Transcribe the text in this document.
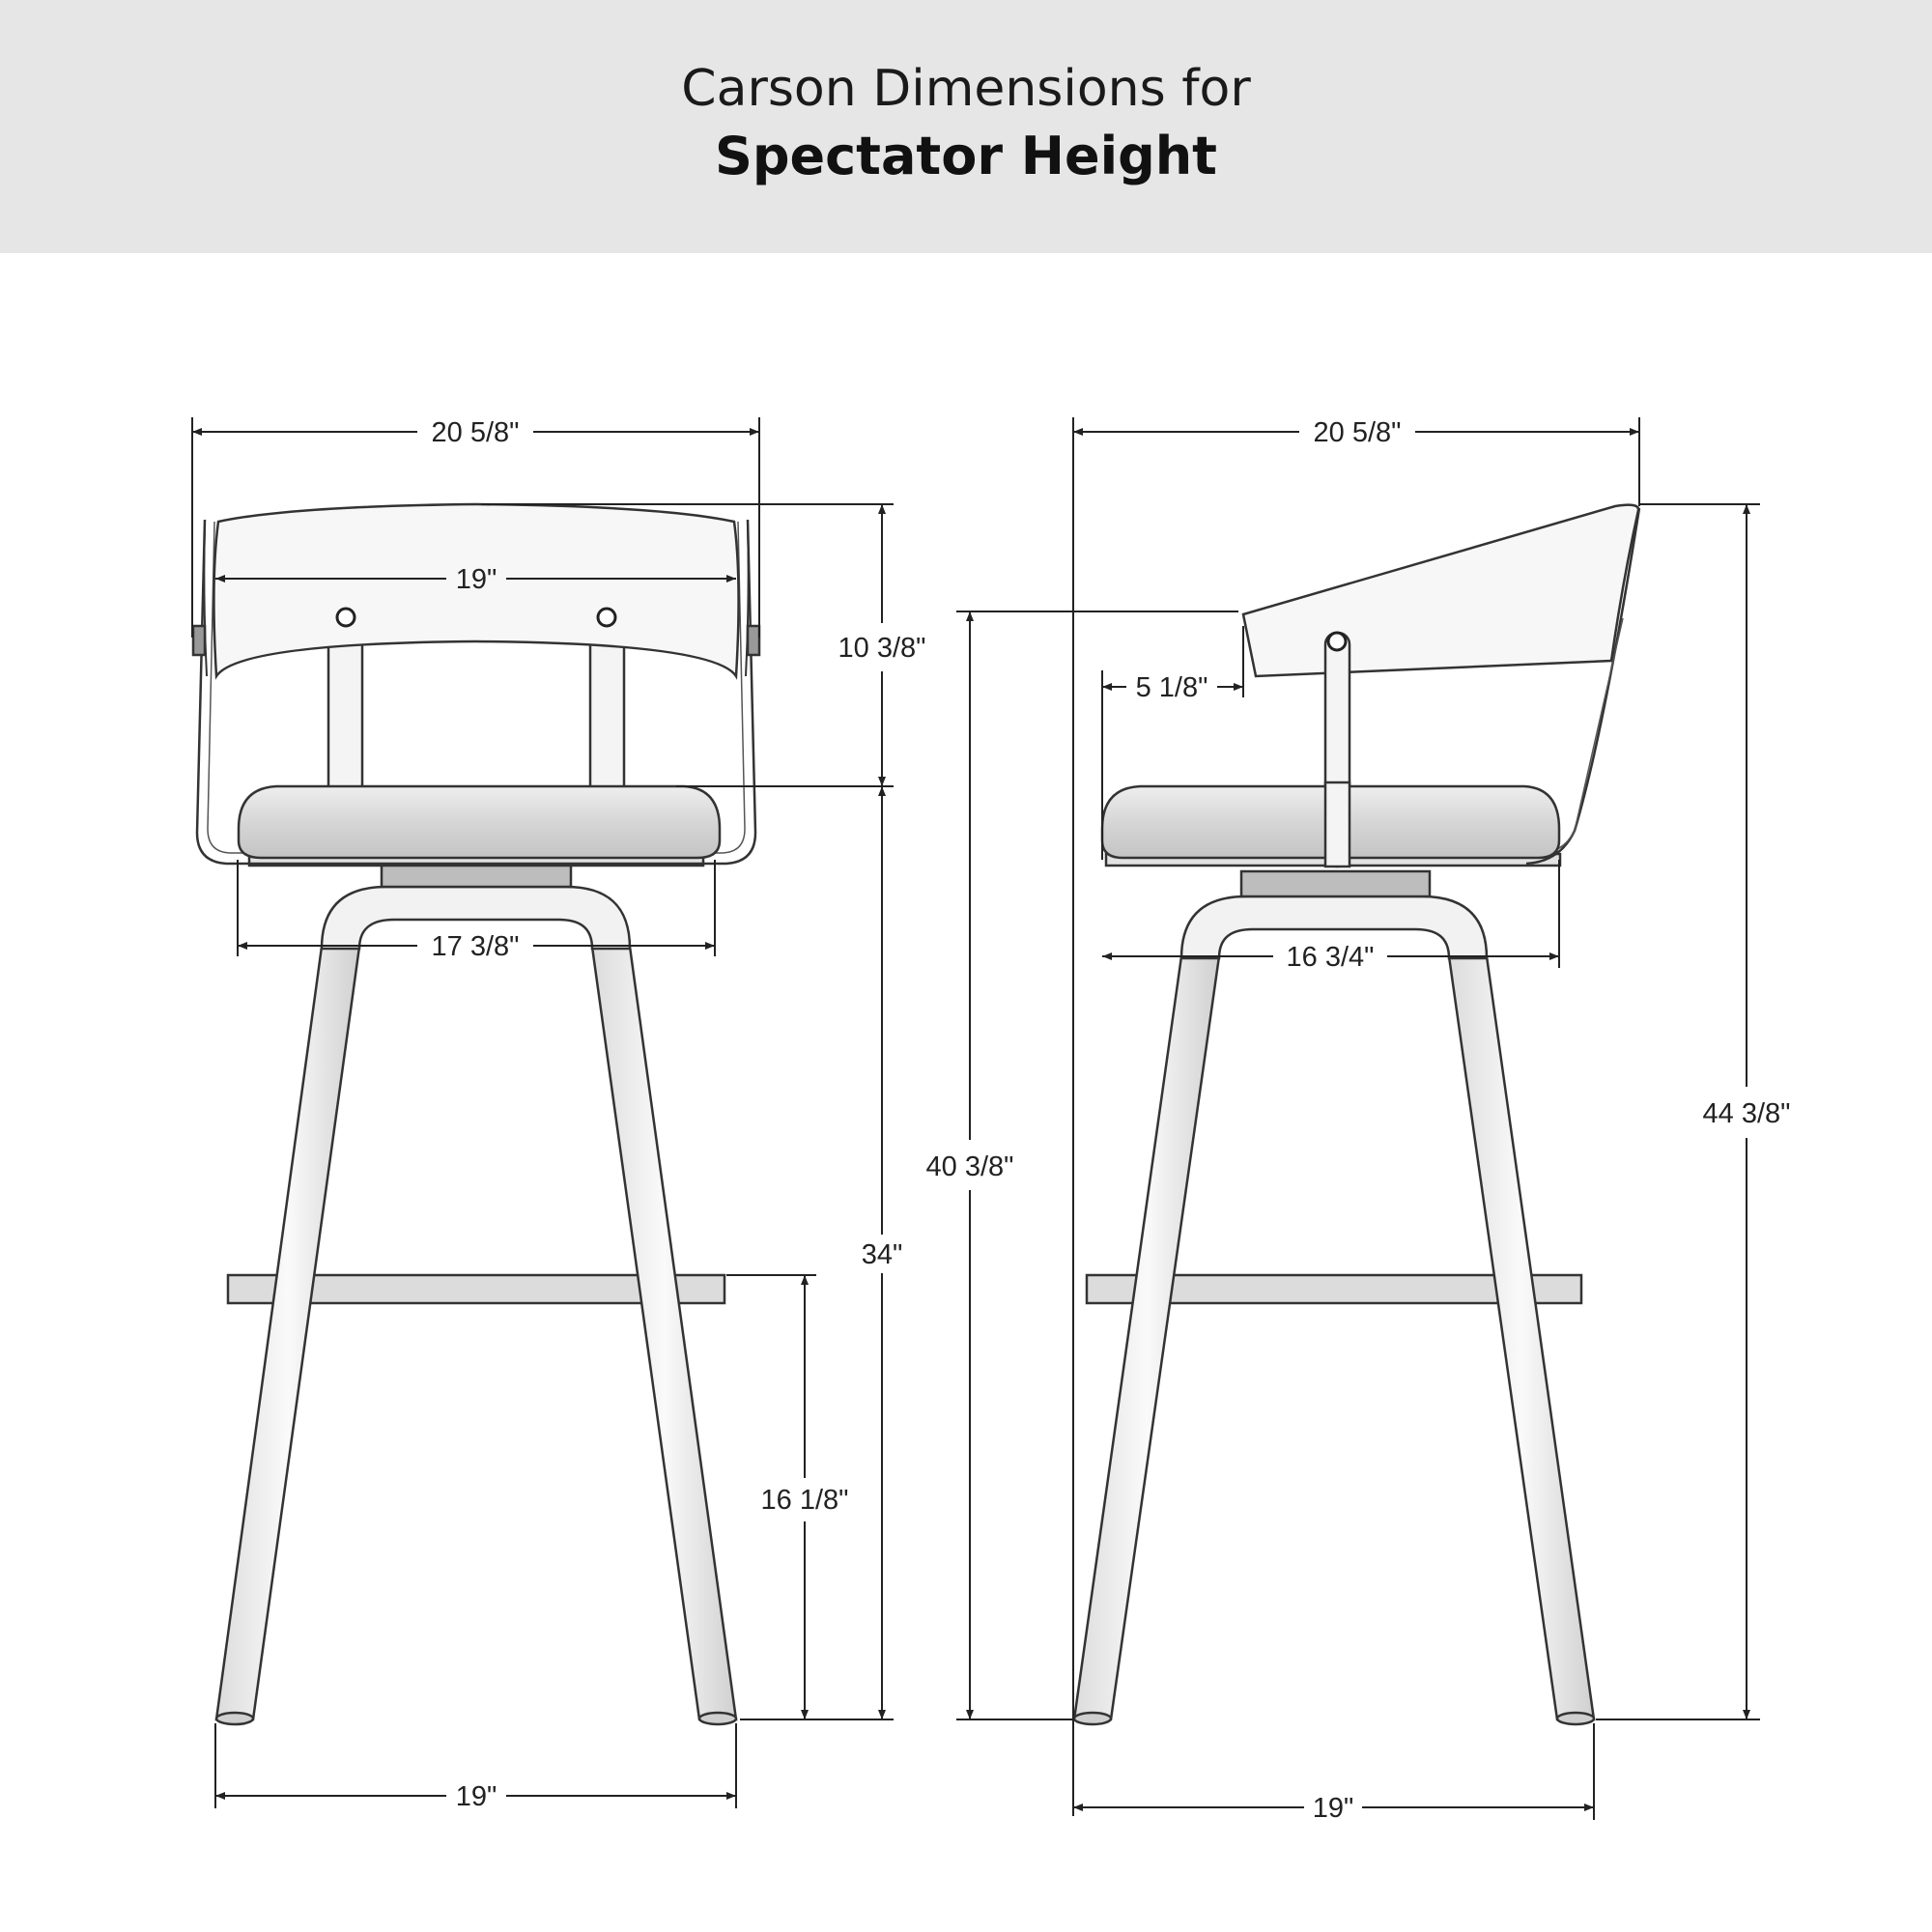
Carson Dimensions for
Spectator Height
20 5/8"
19"
10 3/8"
17 3/8"
34"
16 1/8"
19"
20 5/8"
5 1/8"
16 3/4"
40 3/8"
44 3/8"
19"
